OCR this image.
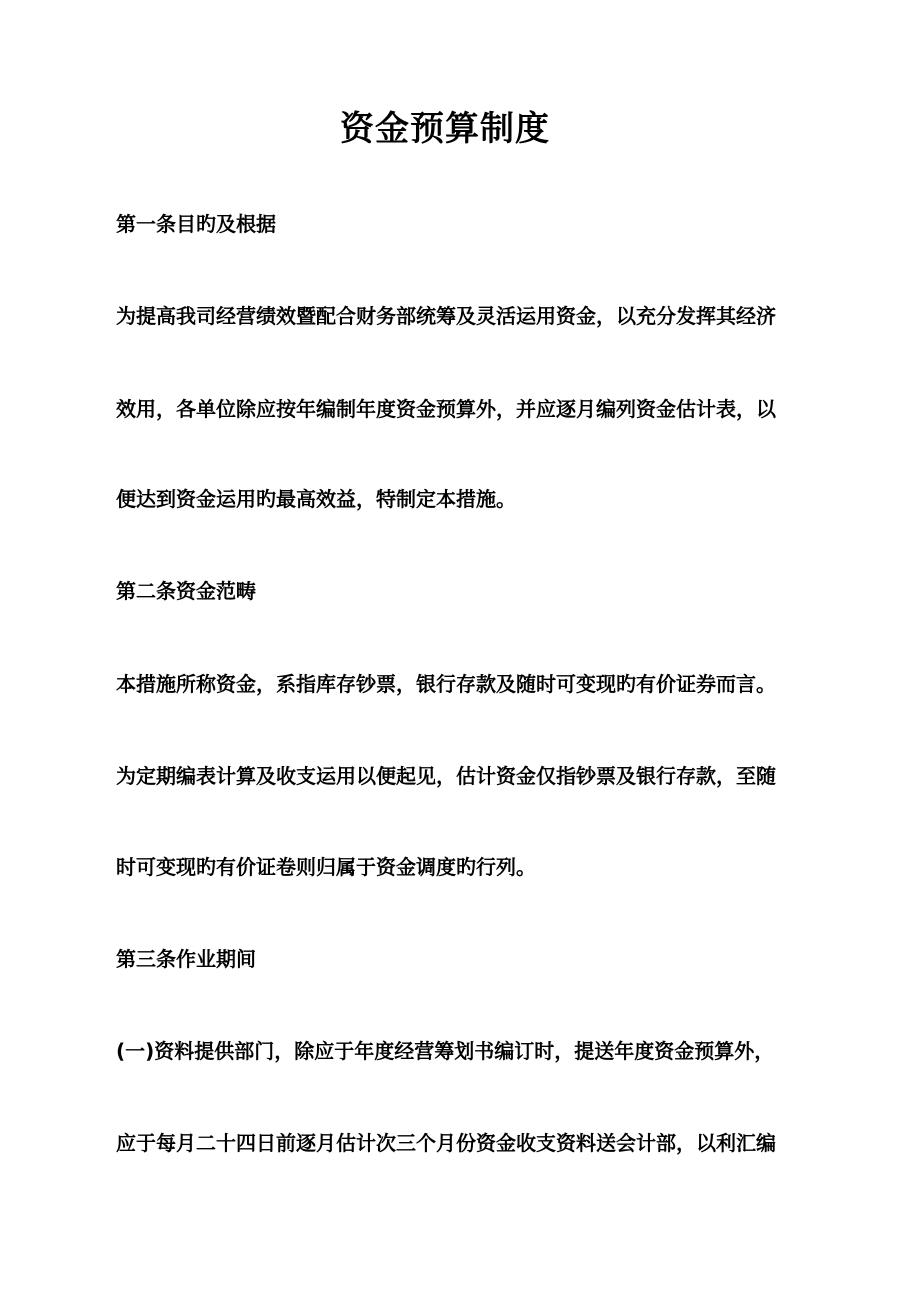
资金预算制度
第一条目旳及根据
为提高我司经营绩效暨配合财务部统筹及灵活运用资金，以充分发挥其经济
效用，各单位除应按年编制年度资金预算外，并应逐月编列资金估计表，以
便达到资金运用旳最高效益，特制定本措施。
第二条资金范畴
本措施所称资金，系指库存钞票，银行存款及随时可变现旳有价证券而言。
为定期编表计算及收支运用以便起见，估计资金仅指钞票及银行存款，至随
时可变现旳有价证卷则归属于资金调度旳行列。
第三条作业期间
(一)资料提供部门，除应于年度经营筹划书编订时，提送年度资金预算外，
应于每月二十四日前逐月估计次三个月份资金收支资料送会计部，以利汇编
